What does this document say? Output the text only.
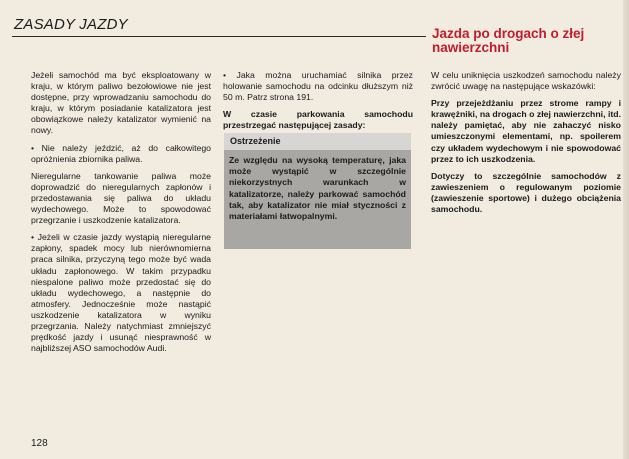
ZASADY JAZDY
Jazda po drogach o złej nawierzchni

Jeżeli samochód ma być eksploatowany w kraju, w którym paliwo bezołowiowe nie jest dostępne, przy wprowadzaniu samochodu do kraju, w którym posiadanie katalizatora jest obowiązkowe należy katalizator wymienić na nowy.

• Nie należy jeździć, aż do całkowitego opróżnienia zbiornika paliwa.

Nieregularne tankowanie paliwa może doprowadzić do nieregularnych zapłonów i przedostawania się paliwa do układu wydechowego. Może to spowodować przegrzanie i uszkodzenie katalizatora.

• Jeżeli w czasie jazdy wystąpią nieregularne zapłony, spadek mocy lub nierównomierna praca silnika, przyczyną tego może być wada układu zapłonowego. W takim przypadku niespalone paliwo może przedostać się do układu wydechowego, a następnie do atmosfery. Jednocześnie może nastąpić uszkodzenie katalizatora w wyniku przegrzania. Należy natychmiast zmniejszyć prędkość jazdy i usunąć niesprawność w najbliższej ASO samochodów Audi.

• Jaka można uruchamiać silnika przez holowanie samochodu na odcinku dłuższym niż 50 m. Patrz strona 191.

W czasie parkowania samochodu przestrzegać następującej zasady:

Ostrzeżenie
Ze względu na wysoką temperaturę, jaka może wystąpić w szczególnie niekorzystnych warunkach w katalizatorze, należy parkować samochód tak, aby katalizator nie miał styczności z materiałami łatwopalnymi.

W celu uniknięcia uszkodzeń samochodu należy zwrócić uwagę na następujące wskazówki:

Przy przejeżdżaniu przez strome rampy i krawężniki, na drogach o złej nawierzchni, itd. należy pamiętać, aby nie zahaczyć nisko umieszczonymi elementami, np. spoilerem czy układem wydechowym i nie spowodować przez to ich uszkodzenia.

Dotyczy to szczególnie samochodów z zawieszeniem o regulowanym poziomie (zawieszenie sportowe) i dużego obciążenia samochodu.

128
